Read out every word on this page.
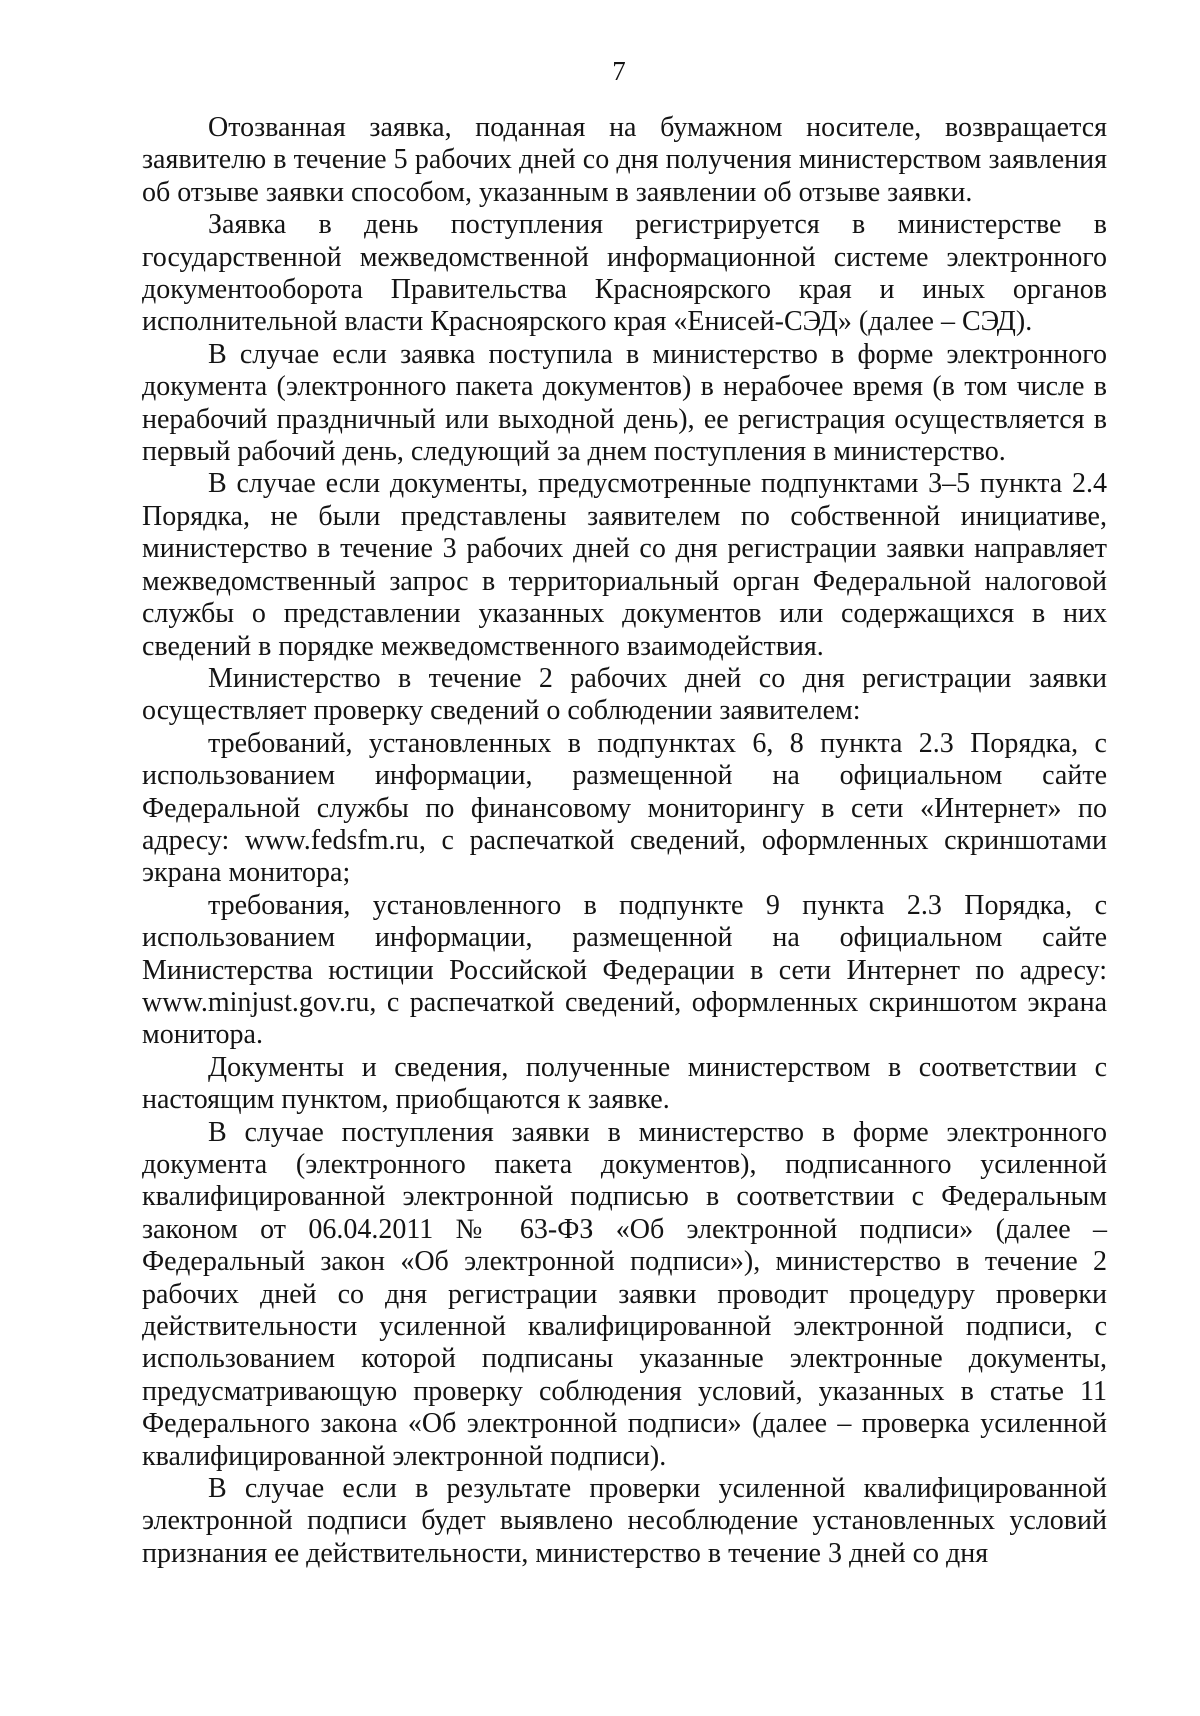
7

Отозванная заявка, поданная на бумажном носителе, возвращается заявителю в течение 5 рабочих дней со дня получения министерством заявления об отзыве заявки способом, указанным в заявлении об отзыве заявки.

Заявка в день поступления регистрируется в министерстве в государственной межведомственной информационной системе электронного документооборота Правительства Красноярского края и иных органов исполнительной власти Красноярского края «Енисей-СЭД» (далее – СЭД).

В случае если заявка поступила в министерство в форме электронного документа (электронного пакета документов) в нерабочее время (в том числе в нерабочий праздничный или выходной день), ее регистрация осуществляется в первый рабочий день, следующий за днем поступления в министерство.

В случае если документы, предусмотренные подпунктами 3–5 пункта 2.4 Порядка, не были представлены заявителем по собственной инициативе, министерство в течение 3 рабочих дней со дня регистрации заявки направляет межведомственный запрос в территориальный орган Федеральной налоговой службы о представлении указанных документов или содержащихся в них сведений в порядке межведомственного взаимодействия.

Министерство в течение 2 рабочих дней со дня регистрации заявки осуществляет проверку сведений о соблюдении заявителем:

требований, установленных в подпунктах 6, 8 пункта 2.3 Порядка, с использованием информации, размещенной на официальном сайте Федеральной службы по финансовому мониторингу в сети «Интернет» по адресу: www.fedsfm.ru, с распечаткой сведений, оформленных скриншотами экрана монитора;

требования, установленного в подпункте 9 пункта 2.3 Порядка, с использованием информации, размещенной на официальном сайте Министерства юстиции Российской Федерации в сети Интернет по адресу: www.minjust.gov.ru, с распечаткой сведений, оформленных скриншотом экрана монитора.

Документы и сведения, полученные министерством в соответствии с настоящим пунктом, приобщаются к заявке.

В случае поступления заявки в министерство в форме электронного документа (электронного пакета документов), подписанного усиленной квалифицированной электронной подписью в соответствии с Федеральным законом от 06.04.2011 № 63-ФЗ «Об электронной подписи» (далее – Федеральный закон «Об электронной подписи»), министерство в течение 2 рабочих дней со дня регистрации заявки проводит процедуру проверки действительности усиленной квалифицированной электронной подписи, с использованием которой подписаны указанные электронные документы, предусматривающую проверку соблюдения условий, указанных в статье 11 Федерального закона «Об электронной подписи» (далее – проверка усиленной квалифицированной электронной подписи).

В случае если в результате проверки усиленной квалифицированной электронной подписи будет выявлено несоблюдение установленных условий признания ее действительности, министерство в течение 3 дней со дня
